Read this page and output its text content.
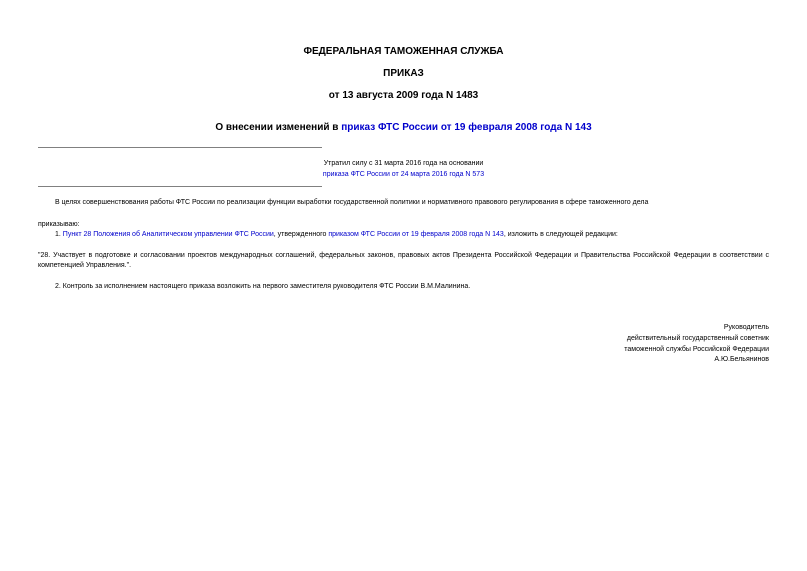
ФЕДЕРАЛЬНАЯ ТАМОЖЕННАЯ СЛУЖБА
ПРИКАЗ
от 13 августа 2009 года N 1483
О внесении изменений в приказ ФТС России от 19 февраля 2008 года N 143
Утратил силу с 31 марта 2016 года на основании
приказа ФТС России от 24 марта 2016 года N 573
В целях совершенствования работы ФТС России по реализации функции выработки государственной политики и нормативного правового регулирования в сфере таможенного дела
приказываю:
1. Пункт 28 Положения об Аналитическом управлении ФТС России, утвержденного приказом ФТС России от 19 февраля 2008 года N 143, изложить в следующей редакции:
"28. Участвует в подготовке и согласовании проектов международных соглашений, федеральных законов, правовых актов Президента Российской Федерации и Правительства Российской Федерации в соответствии с компетенцией Управления.".
2. Контроль за исполнением настоящего приказа возложить на первого заместителя руководителя ФТС России В.М.Малинина.
Руководитель
действительный государственный советник
таможенной службы Российской Федерации
А.Ю.Бельянинов
